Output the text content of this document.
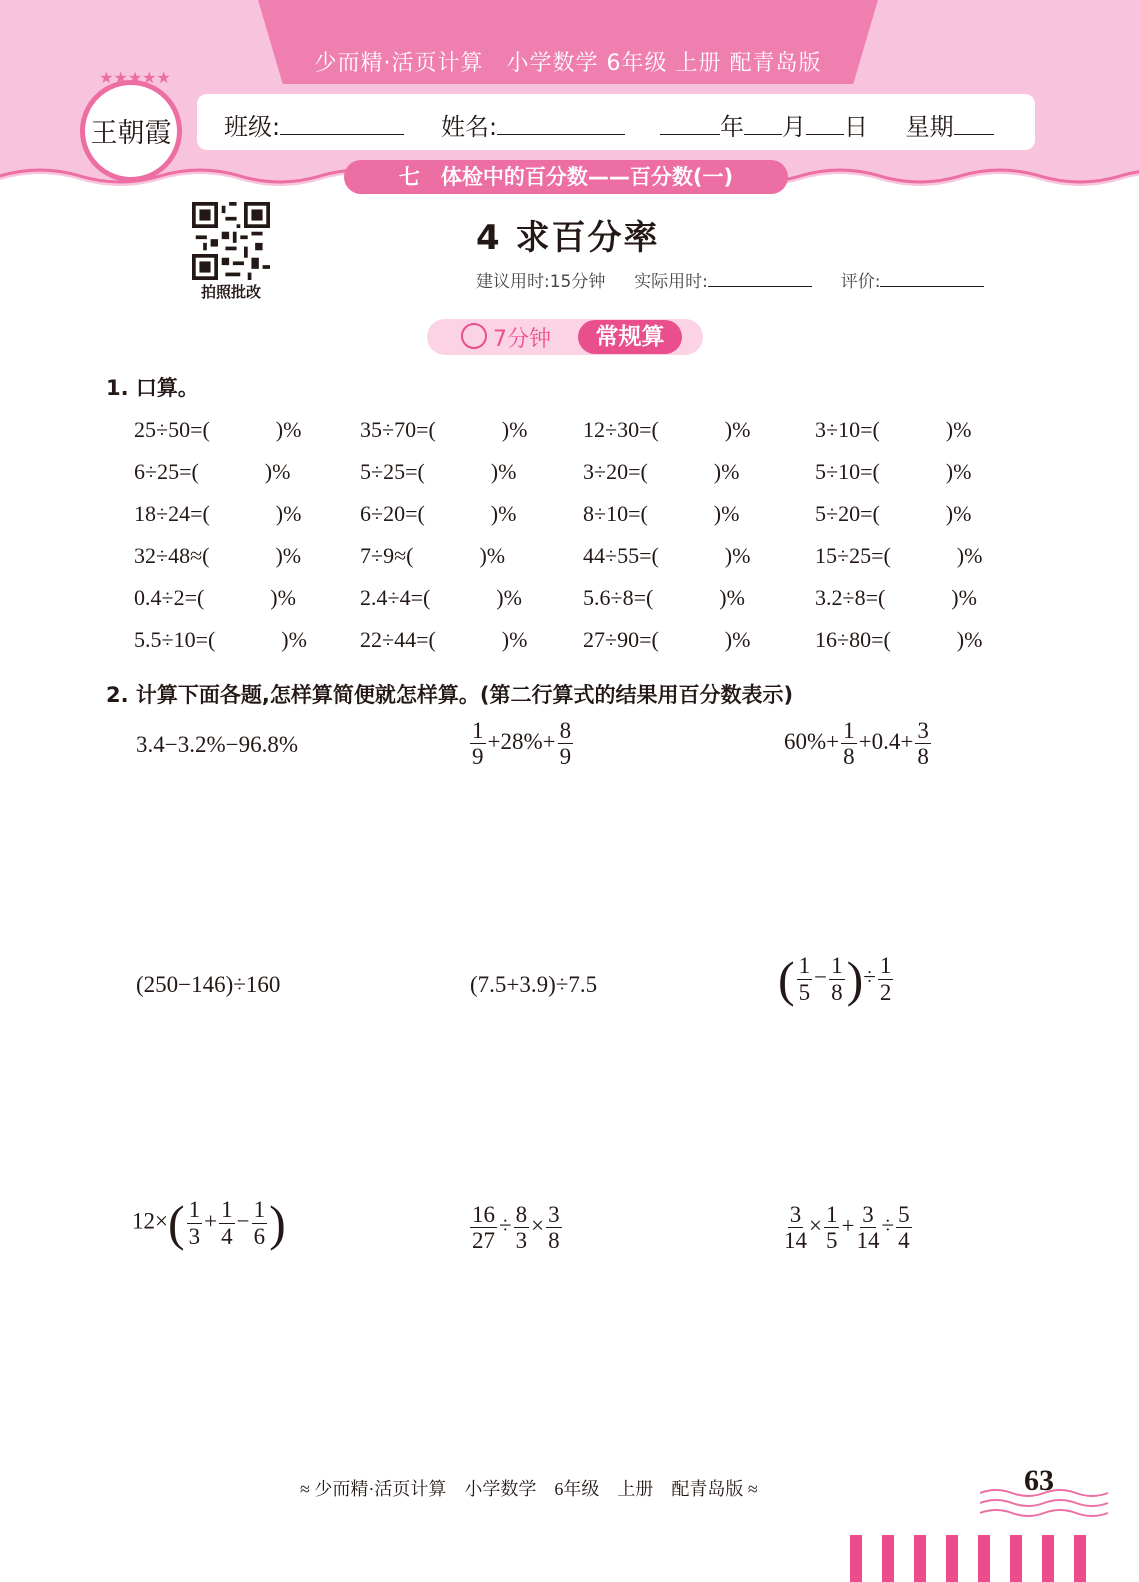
少而精·活页计算　小学数学 6年级 上册 配青岛版
班级:	姓名:	年 月 日 星期
王朝霞
★★★★★
七　体检中的百分数——百分数(一)
拍照批改
4 求百分率
建议用时:15分钟 实际用时:	评价:
7分钟	常规算
1. 口算。
25÷50=(　　　)%	35÷70=(　　　)%	12÷30=(　　　)%	3÷10=(　　　)%
6÷25=(　　　)%	5÷25=(　　　)%	3÷20=(　　　)%	5÷10=(　　　)%
18÷24=(　　　)%	6÷20=(　　　)%	8÷10=(　　　)%	5÷20=(　　　)%
32÷48≈(　　　)%	7÷9≈(　　　)%	44÷55=(　　　)%	15÷25=(　　　)%
0.4÷2=(　　　)%	2.4÷4=(　　　)%	5.6÷8=(　　　)%	3.2÷8=(　　　)%
5.5÷10=(　　　)% 22÷44=(　　　)%	27÷90=(　　　)%	16÷80=(　　　)%
2. 计算下面各题,怎样算简便就怎样算。(第二行算式的结果用百分数表示)
3.4−3.2%−96.8%	$\frac{1}{9} +28\%+ \frac{8}{9}$	$60\%+ \frac{1}{8} +0.4+ \frac{3}{8}$
(250−146)÷160	(7.5+3.9)÷7.5	( $\frac{1}{5} - \frac{1}{8}$ )÷ $\frac{1}{2}$
$12\times( \frac{1}{3} + \frac{1}{4} - \frac{1}{6}$ )	$\frac{16}{27} \div \frac{8}{3} \times \frac{3}{8}$	$\frac{3}{14} \times \frac{1}{5} + \frac{3}{14} \div \frac{5}{4}$
≈ 少而精·活页计算　小学数学　6年级　上册　配青岛版 ≈	63
